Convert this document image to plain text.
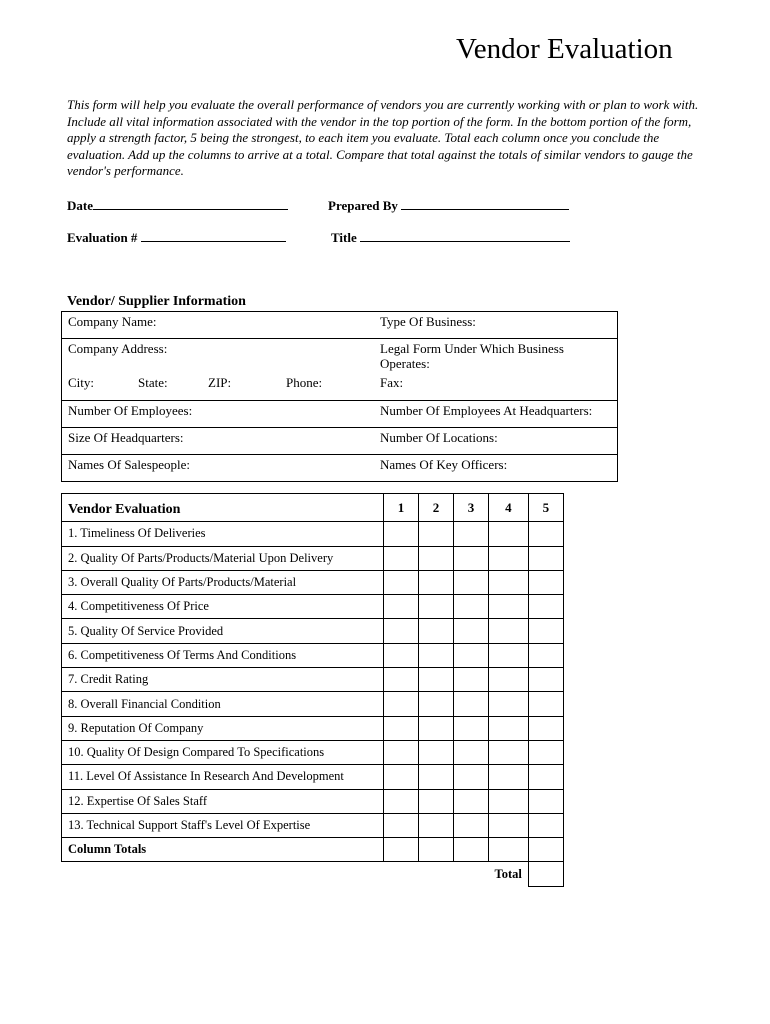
Vendor Evaluation
This form will help you evaluate the overall performance of vendors you are currently working with or plan to work with. Include all vital information associated with the vendor in the top portion of the form. In the bottom portion of the form, apply a strength factor, 5 being the strongest, to each item you evaluate. Total each column once you conclude the evaluation. Add up the columns to arrive at a total. Compare that total against the totals of similar vendors to gauge the vendor's performance.
Date	Prepared By
Evaluation #	Title
Vendor/ Supplier Information
Company Name:	Type Of Business:
Company Address:	Legal Form Under Which Business Operates:

City: State: ZIP: Phone:	Fax:
Number Of Employees:	Number Of Employees At Headquarters:
Size Of Headquarters:	Number Of Locations:
Names Of Salespeople:	Names Of Key Officers:
Vendor Evaluation	1	2	3	4	5
1. Timeliness Of Deliveries					
2. Quality Of Parts/Products/Material Upon Delivery					
3. Overall Quality Of Parts/Products/Material					
4. Competitiveness Of Price					
5. Quality Of Service Provided					
6. Competitiveness Of Terms And Conditions					
7. Credit Rating					
8. Overall Financial Condition					
9. Reputation Of Company					
10. Quality Of Design Compared To Specifications					
11. Level Of Assistance In Research And Development					
12. Expertise Of Sales Staff					
13. Technical Support Staff's Level Of Expertise					
Column Totals					
				Total	
